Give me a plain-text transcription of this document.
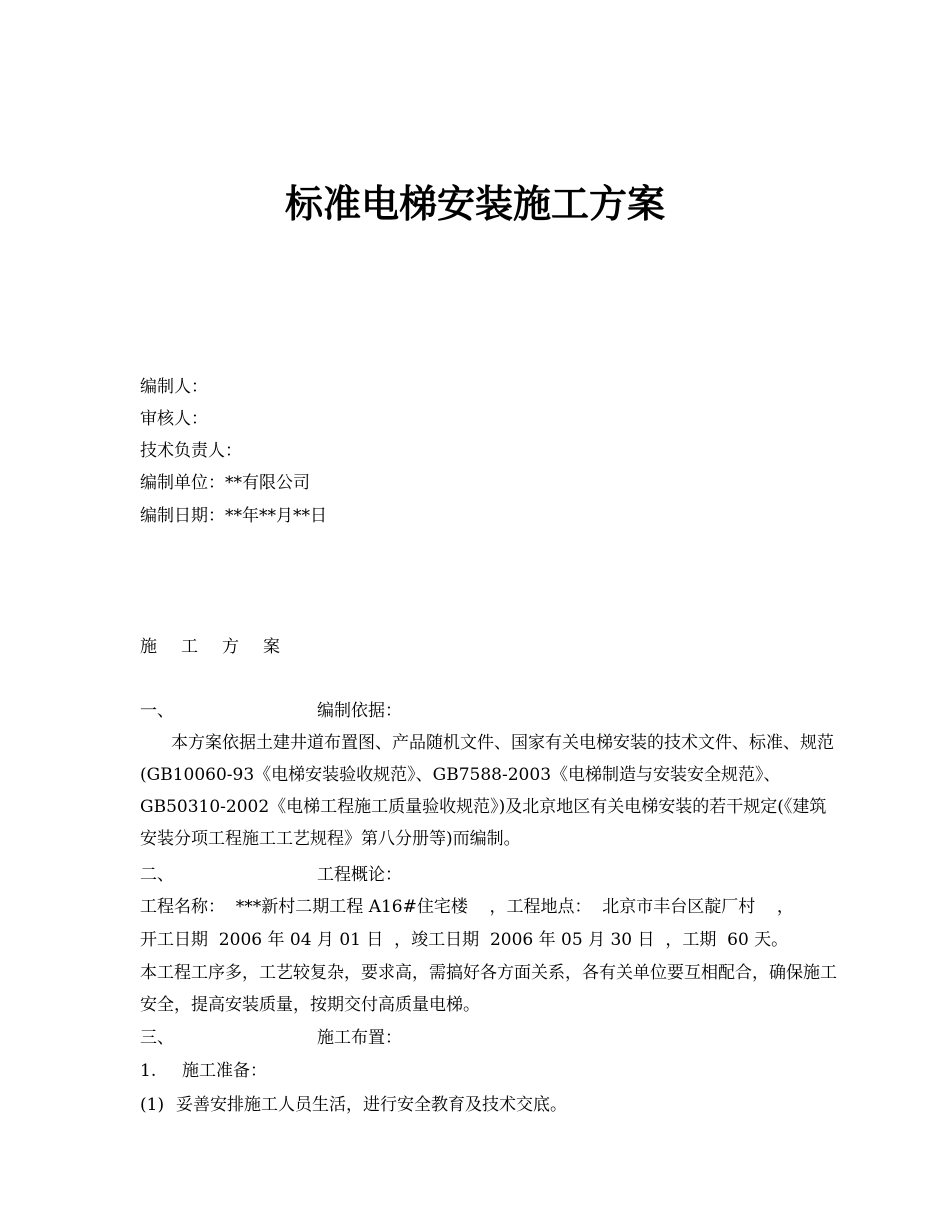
标准电梯安装施工方案
编制人：
审核人：
技术负责人：
编制单位：**有限公司
编制日期：**年**月**日
施 工 方 案
一、	编制依据：
本方案依据土建井道布置图、产品随机文件、国家有关电梯安装的技术文件、标准、规范(GB10060-93《电梯安装验收规范》、GB7588-2003《电梯制造与安装安全规范》、GB50310-2002《电梯工程施工质量验收规范》)及北京地区有关电梯安装的若干规定(《建筑安装分项工程施工工艺规程》第八分册等)而编制。
二、	工程概论：
工程名称：  ***新村二期工程 A16#住宅楼    ，工程地点：  北京市丰台区靛厂村    ，
开工日期  2006 年 04 月 01 日  ，竣工日期  2006 年 05 月 30 日  ，工期  60 天。
本工程工序多，工艺较复杂，要求高，需搞好各方面关系，各有关单位要互相配合，确保施工安全，提高安装质量，按期交付高质量电梯。
三、	施工布置：
1. 施工准备：
(1) 妥善安排施工人员生活，进行安全教育及技术交底。
